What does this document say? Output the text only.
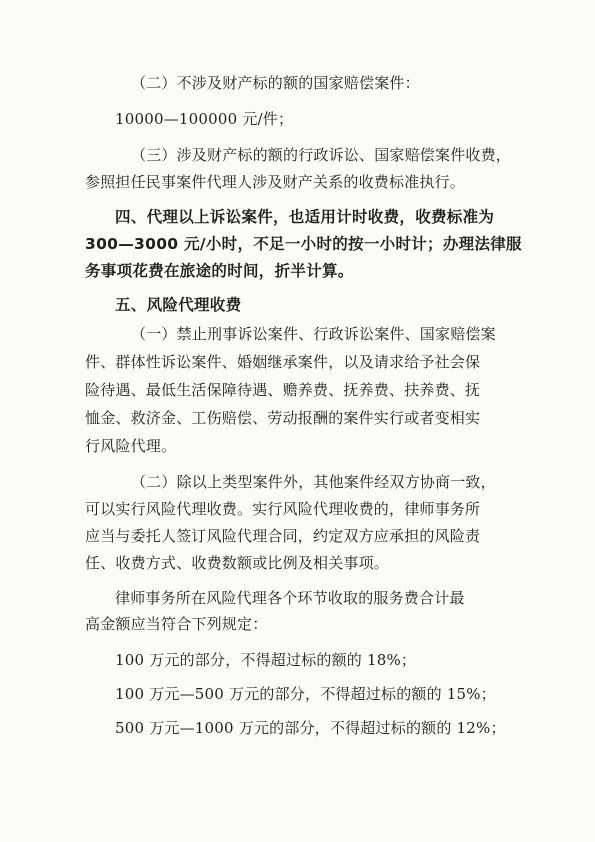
（二）不涉及财产标的额的国家赔偿案件：
10000—100000 元/件；
（三）涉及财产标的额的行政诉讼、国家赔偿案件收费，
参照担任民事案件代理人涉及财产关系的收费标准执行。
四、代理以上诉讼案件，也适用计时收费，收费标准为
300—3000 元/小时，不足一小时的按一小时计；办理法律服
务事项花费在旅途的时间，折半计算。
五、风险代理收费
（一）禁止刑事诉讼案件、行政诉讼案件、国家赔偿案
件、群体性诉讼案件、婚姻继承案件，以及请求给予社会保
险待遇、最低生活保障待遇、赡养费、抚养费、扶养费、抚
恤金、救济金、工伤赔偿、劳动报酬的案件实行或者变相实
行风险代理。
（二）除以上类型案件外，其他案件经双方协商一致，
可以实行风险代理收费。实行风险代理收费的，律师事务所
应当与委托人签订风险代理合同，约定双方应承担的风险责
任、收费方式、收费数额或比例及相关事项。
律师事务所在风险代理各个环节收取的服务费合计最
高金额应当符合下列规定：
100 万元的部分，不得超过标的额的 18%；
100 万元—500 万元的部分，不得超过标的额的 15%；
500 万元—1000 万元的部分，不得超过标的额的 12%；
